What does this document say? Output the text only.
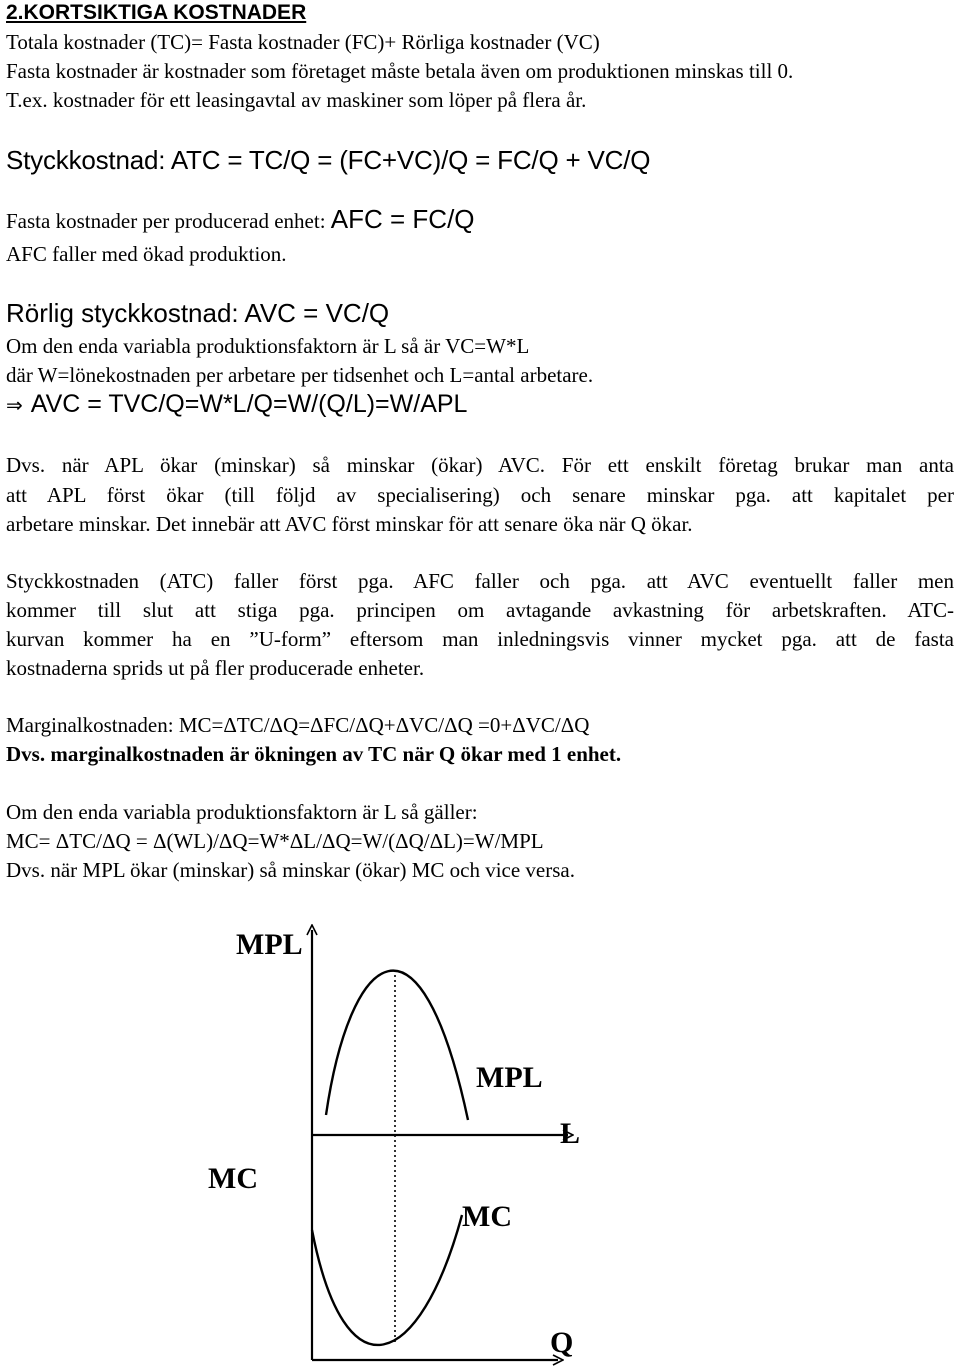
2.KORTSIKTIGA KOSTNADER
Totala kostnader (TC)= Fasta kostnader (FC)+ Rörliga kostnader (VC)
Fasta kostnader är kostnader som företaget måste betala även om produktionen minskas till 0.
T.ex. kostnader för ett leasingavtal av maskiner som löper på flera år.
Styckkostnad: ATC = TC/Q = (FC+VC)/Q = FC/Q + VC/Q
Fasta kostnader per producerad enhet: AFC = FC/Q
AFC faller med ökad produktion.
Rörlig styckkostnad: AVC = VC/Q
Om den enda variabla produktionsfaktorn är L så är VC=W*L
där W=lönekostnaden per arbetare per tidsenhet och L=antal arbetare.
⇒ AVC = TVC/Q=W*L/Q=W/(Q/L)=W/APL
Dvs. när APL ökar (minskar) så minskar (ökar) AVC. För ett enskilt företag brukar man anta
att APL först ökar (till följd av specialisering) och senare minskar pga. att kapitalet per
arbetare minskar. Det innebär att AVC först minskar för att senare öka när Q ökar.
Styckkostnaden (ATC) faller först pga. AFC faller och pga. att AVC eventuellt faller men
kommer till slut att stiga pga. principen om avtagande avkastning för arbetskraften. ATC-
kurvan kommer ha en ”U-form” eftersom man inledningsvis vinner mycket pga. att de fasta
kostnaderna sprids ut på fler producerade enheter.
Marginalkostnaden: MC=ΔTC/ΔQ=ΔFC/ΔQ+ΔVC/ΔQ =0+ΔVC/ΔQ
Dvs. marginalkostnaden är ökningen av TC när Q ökar med 1 enhet.
Om den enda variabla produktionsfaktorn är L så gäller:
MC= ΔTC/ΔQ = Δ(WL)/ΔQ=W*ΔL/ΔQ=W/(ΔQ/ΔL)=W/MPL
Dvs. när MPL ökar (minskar) så minskar (ökar) MC och vice versa.
MPL
MPL
L
MC
MC
Q
